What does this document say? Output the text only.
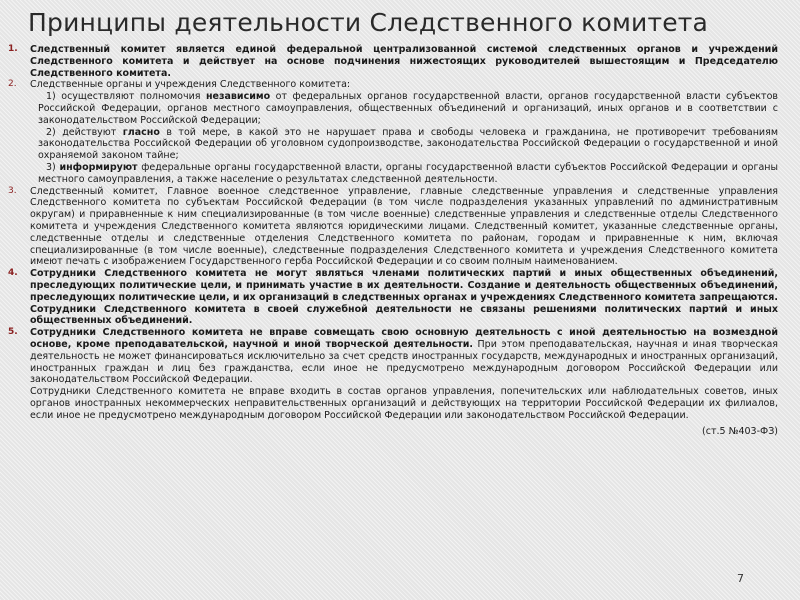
Принципы деятельности Следственного комитета
1. Следственный комитет является единой федеральной централизованной системой следственных органов и учреждений Следственного комитета и действует на основе подчинения нижестоящих руководителей вышестоящим и Председателю Следственного комитета.

2. Следственные органы и учреждения Следственного комитета:

1) осуществляют полномочия независимо от федеральных органов государственной власти, органов государственной власти субъектов Российской Федерации, органов местного самоуправления, общественных объединений и организаций, иных органов и в соответствии с законодательством Российской Федерации;

2) действуют гласно в той мере, в какой это не нарушает права и свободы человека и гражданина, не противоречит требованиям законодательства Российской Федерации об уголовном судопроизводстве, законодательства Российской Федерации о государственной и иной охраняемой законом тайне;

3) информируют федеральные органы государственной власти, органы государственной власти субъектов Российской Федерации и органы местного самоуправления, а также население о результатах следственной деятельности.

3. Следственный комитет, Главное военное следственное управление, главные следственные управления и следственные управления Следственного комитета по субъектам Российской Федерации (в том числе подразделения указанных управлений по административным округам) и приравненные к ним специализированные (в том числе военные) следственные управления и следственные отделы Следственного комитета и учреждения Следственного комитета являются юридическими лицами. Следственный комитет, указанные следственные органы, следственные отделы и следственные отделения Следственного комитета по районам, городам и приравненные к ним, включая специализированные (в том числе военные), следственные подразделения Следственного комитета и учреждения Следственного комитета имеют печать с изображением Государственного герба Российской Федерации и со своим полным наименованием.

4. Сотрудники Следственного комитета не могут являться членами политических партий и иных общественных объединений, преследующих политические цели, и принимать участие в их деятельности. Создание и деятельность общественных объединений, преследующих политические цели, и их организаций в следственных органах и учреждениях Следственного комитета запрещаются. Сотрудники Следственного комитета в своей служебной деятельности не связаны решениями политических партий и иных общественных объединений.

5. Сотрудники Следственного комитета не вправе совмещать свою основную деятельность с иной деятельностью на возмездной основе, кроме преподавательской, научной и иной творческой деятельности. При этом преподавательская, научная и иная творческая деятельность не может финансироваться исключительно за счет средств иностранных государств, международных и иностранных организаций, иностранных граждан и лиц без гражданства, если иное не предусмотрено международным договором Российской Федерации или законодательством Российской Федерации.

Сотрудники Следственного комитета не вправе входить в состав органов управления, попечительских или наблюдательных советов, иных органов иностранных некоммерческих неправительственных организаций и действующих на территории Российской Федерации их филиалов, если иное не предусмотрено международным договором Российской Федерации или законодательством Российской Федерации.

(ст.5 №403-ФЗ)

7
